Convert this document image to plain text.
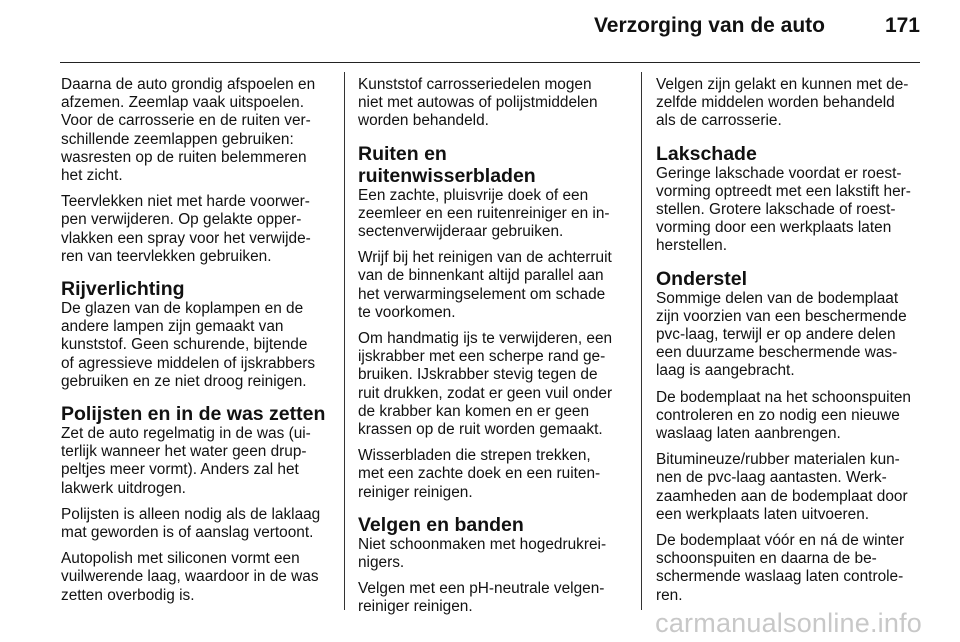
Verzorging van de auto	171

Daarna de auto grondig afspoelen en
afzemen. Zeemlap vaak uitspoelen.
Voor de carrosserie en de ruiten ver-
schillende zeemlappen gebruiken:
wasresten op de ruiten belemmeren
het zicht.

Teervlekken niet met harde voorwer-
pen verwijderen. Op gelakte opper-
vlakken een spray voor het verwijde-
ren van teervlekken gebruiken.

Rijverlichting

De glazen van de koplampen en de
andere lampen zijn gemaakt van
kunststof. Geen schurende, bijtende
of agressieve middelen of ijskrabbers
gebruiken en ze niet droog reinigen.

Polijsten en in de was zetten

Zet de auto regelmatig in de was (ui-
terlijk wanneer het water geen drup-
peltjes meer vormt). Anders zal het
lakwerk uitdrogen.

Polijsten is alleen nodig als de laklaag
mat geworden is of aanslag vertoont.

Autopolish met siliconen vormt een
vuilwerende laag, waardoor in de was
zetten overbodig is.

Kunststof carrosseriedelen mogen
niet met autowas of polijstmiddelen
worden behandeld.

Ruiten en ruitenwisserbladen

Een zachte, pluisvrije doek of een
zeemleer en een ruitenreiniger en in-
sectenverwijderaar gebruiken.

Wrijf bij het reinigen van de achterruit
van de binnenkant altijd parallel aan
het verwarmingselement om schade
te voorkomen.

Om handmatig ijs te verwijderen, een
ijskrabber met een scherpe rand ge-
bruiken. IJskrabber stevig tegen de
ruit drukken, zodat er geen vuil onder
de krabber kan komen en er geen
krassen op de ruit worden gemaakt.

Wisserbladen die strepen trekken,
met een zachte doek en een ruiten-
reiniger reinigen.

Velgen en banden

Niet schoonmaken met hogedrukrei-
nigers.

Velgen met een pH-neutrale velgen-
reiniger reinigen.

Velgen zijn gelakt en kunnen met de-
zelfde middelen worden behandeld
als de carrosserie.

Lakschade

Geringe lakschade voordat er roest-
vorming optreedt met een lakstift her-
stellen. Grotere lakschade of roest-
vorming door een werkplaats laten
herstellen.

Onderstel

Sommige delen van de bodemplaat
zijn voorzien van een beschermende
pvc-laag, terwijl er op andere delen
een duurzame beschermende was-
laag is aangebracht.

De bodemplaat na het schoonspuiten
controleren en zo nodig een nieuwe
waslaag laten aanbrengen.

Bitumineuze/rubber materialen kun-
nen de pvc-laag aantasten. Werk-
zaamheden aan de bodemplaat door
een werkplaats laten uitvoeren.

De bodemplaat vóór en ná de winter
schoonspuiten en daarna de be-
schermende waslaag laten controle-
ren.

carmanualsonline.info
